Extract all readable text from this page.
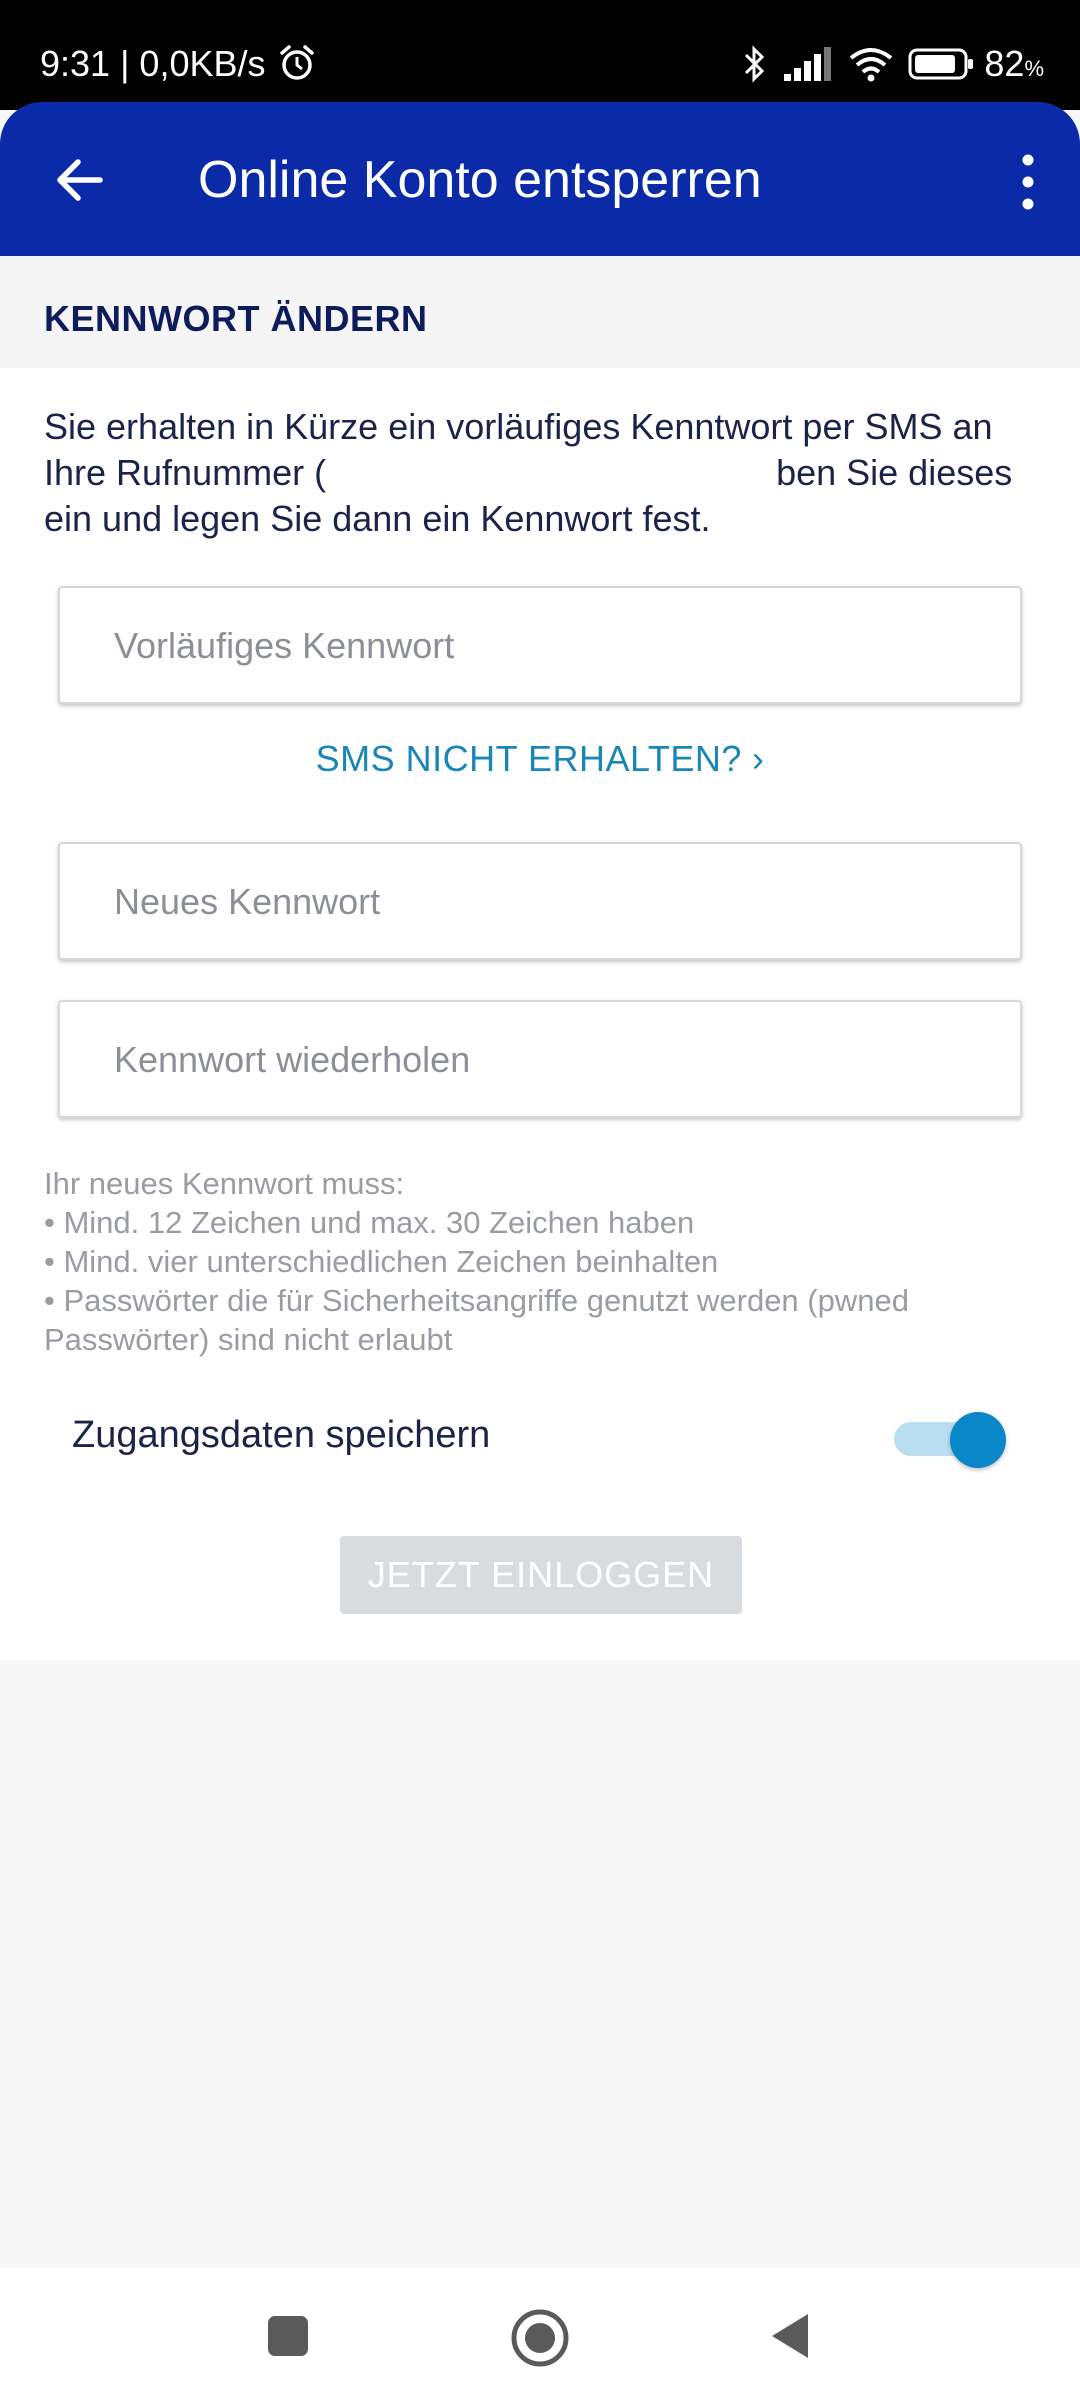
9:31 | 0,0KB/s	82%
Online Konto entsperren
KENNWORT ÄNDERN

Sie erhalten in Kürze ein vorläufiges Kenntwort per SMS an Ihre Rufnummer (	ben Sie dieses ein und legen Sie dann ein Kennwort fest.

SMS NICHT ERHALTEN? ›
Ihr neues Kennwort muss:
• Mind. 12 Zeichen und max. 30 Zeichen haben
• Mind. vier unterschiedlichen Zeichen beinhalten
• Passwörter die für Sicherheitsangriffe genutzt werden (pwned Passwörter) sind nicht erlaubt
Zugangsdaten speichern
JETZT EINLOGGEN
